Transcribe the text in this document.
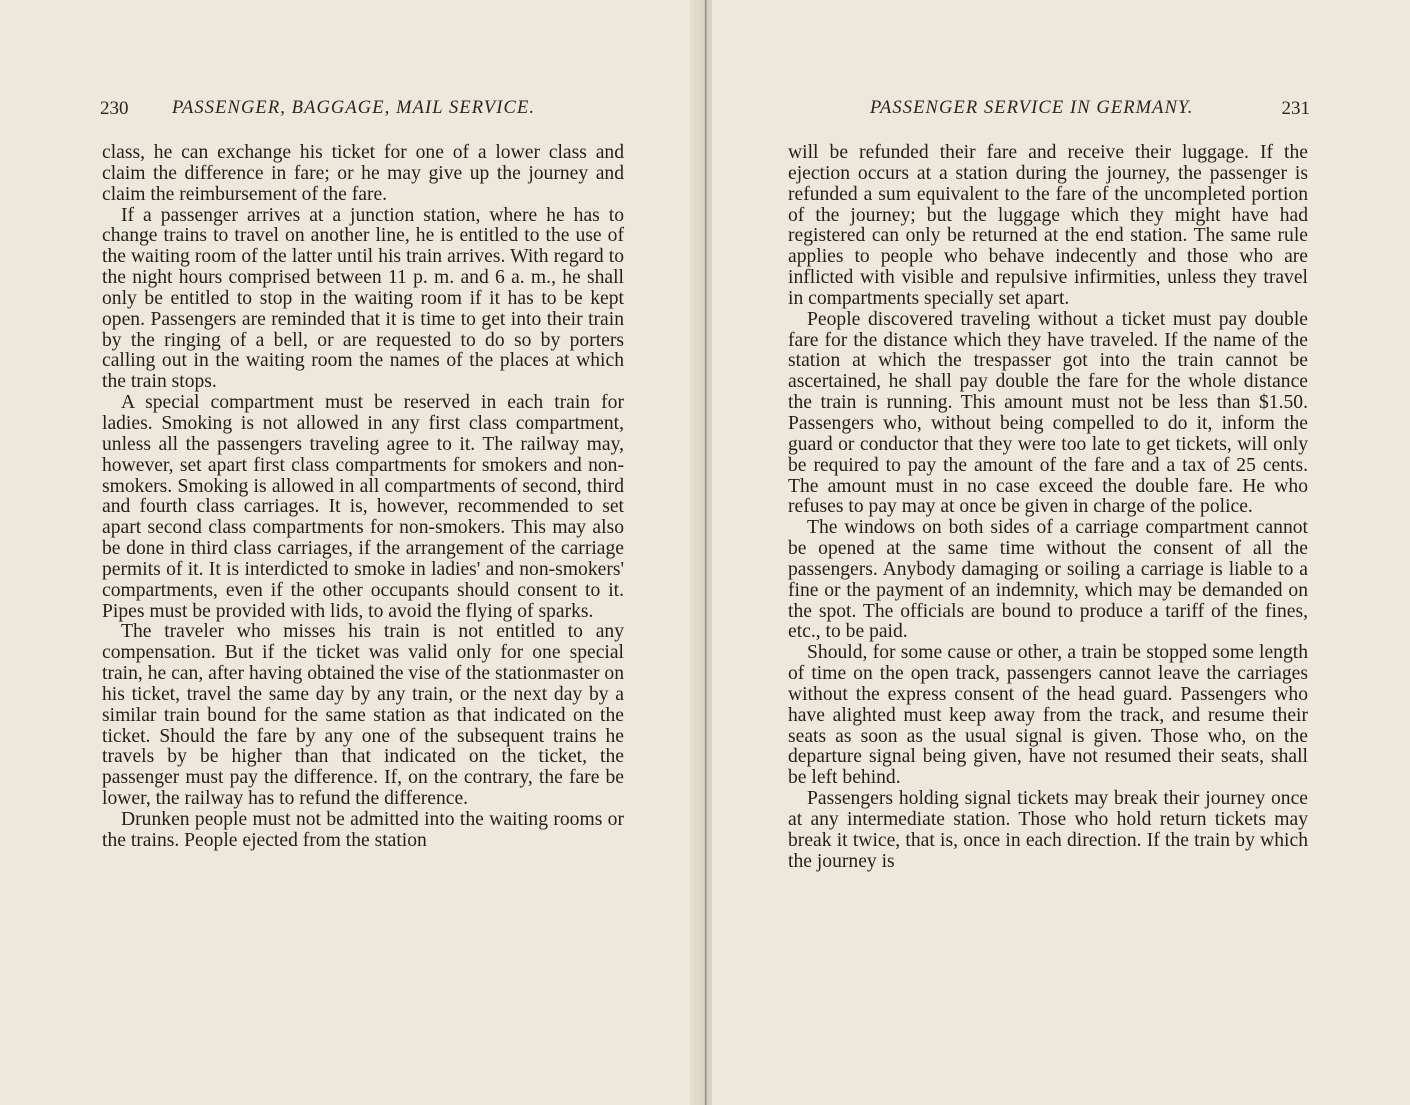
230 PASSENGER, BAGGAGE, MAIL SERVICE.

class, he can exchange his ticket for one of a lower class and claim the difference in fare; or he may give up the journey and claim the reimbursement of the fare.

If a passenger arrives at a junction station, where he has to change trains to travel on another line, he is entitled to the use of the waiting room of the latter until his train arrives. With regard to the night hours comprised between 11 p. m. and 6 a. m., he shall only be entitled to stop in the waiting room if it has to be kept open. Passengers are reminded that it is time to get into their train by the ringing of a bell, or are requested to do so by porters calling out in the waiting room the names of the places at which the train stops.

A special compartment must be reserved in each train for ladies. Smoking is not allowed in any first class compartment, unless all the passengers traveling agree to it. The railway may, however, set apart first class compartments for smokers and non-smokers. Smoking is allowed in all compartments of second, third and fourth class carriages. It is, however, recommended to set apart second class compartments for non-smokers. This may also be done in third class carriages, if the arrangement of the carriage permits of it. It is interdicted to smoke in ladies' and non-smokers' compartments, even if the other occupants should consent to it. Pipes must be provided with lids, to avoid the flying of sparks.

The traveler who misses his train is not entitled to any compensation. But if the ticket was valid only for one special train, he can, after having obtained the vise of the stationmaster on his ticket, travel the same day by any train, or the next day by a similar train bound for the same station as that indicated on the ticket. Should the fare by any one of the subsequent trains he travels by be higher than that indicated on the ticket, the passenger must pay the difference. If, on the contrary, the fare be lower, the railway has to refund the difference.

Drunken people must not be admitted into the waiting rooms or the trains. People ejected from the station

PASSENGER SERVICE IN GERMANY.	231

will be refunded their fare and receive their luggage. If the ejection occurs at a station during the journey, the passenger is refunded a sum equivalent to the fare of the uncompleted portion of the journey; but the luggage which they might have had registered can only be returned at the end station. The same rule applies to people who behave indecently and those who are inflicted with visible and repulsive infirmities, unless they travel in compartments specially set apart.

People discovered traveling without a ticket must pay double fare for the distance which they have traveled. If the name of the station at which the trespasser got into the train cannot be ascertained, he shall pay double the fare for the whole distance the train is running. This amount must not be less than $1.50. Passengers who, without being compelled to do it, inform the guard or conductor that they were too late to get tickets, will only be required to pay the amount of the fare and a tax of 25 cents. The amount must in no case exceed the double fare. He who refuses to pay may at once be given in charge of the police.

The windows on both sides of a carriage compartment cannot be opened at the same time without the consent of all the passengers. Anybody damaging or soiling a carriage is liable to a fine or the payment of an indemnity, which may be demanded on the spot. The officials are bound to produce a tariff of the fines, etc., to be paid.

Should, for some cause or other, a train be stopped some length of time on the open track, passengers cannot leave the carriages without the express consent of the head guard. Passengers who have alighted must keep away from the track, and resume their seats as soon as the usual signal is given. Those who, on the departure signal being given, have not resumed their seats, shall be left behind.

Passengers holding signal tickets may break their journey once at any intermediate station. Those who hold return tickets may break it twice, that is, once in each direction. If the train by which the journey is
